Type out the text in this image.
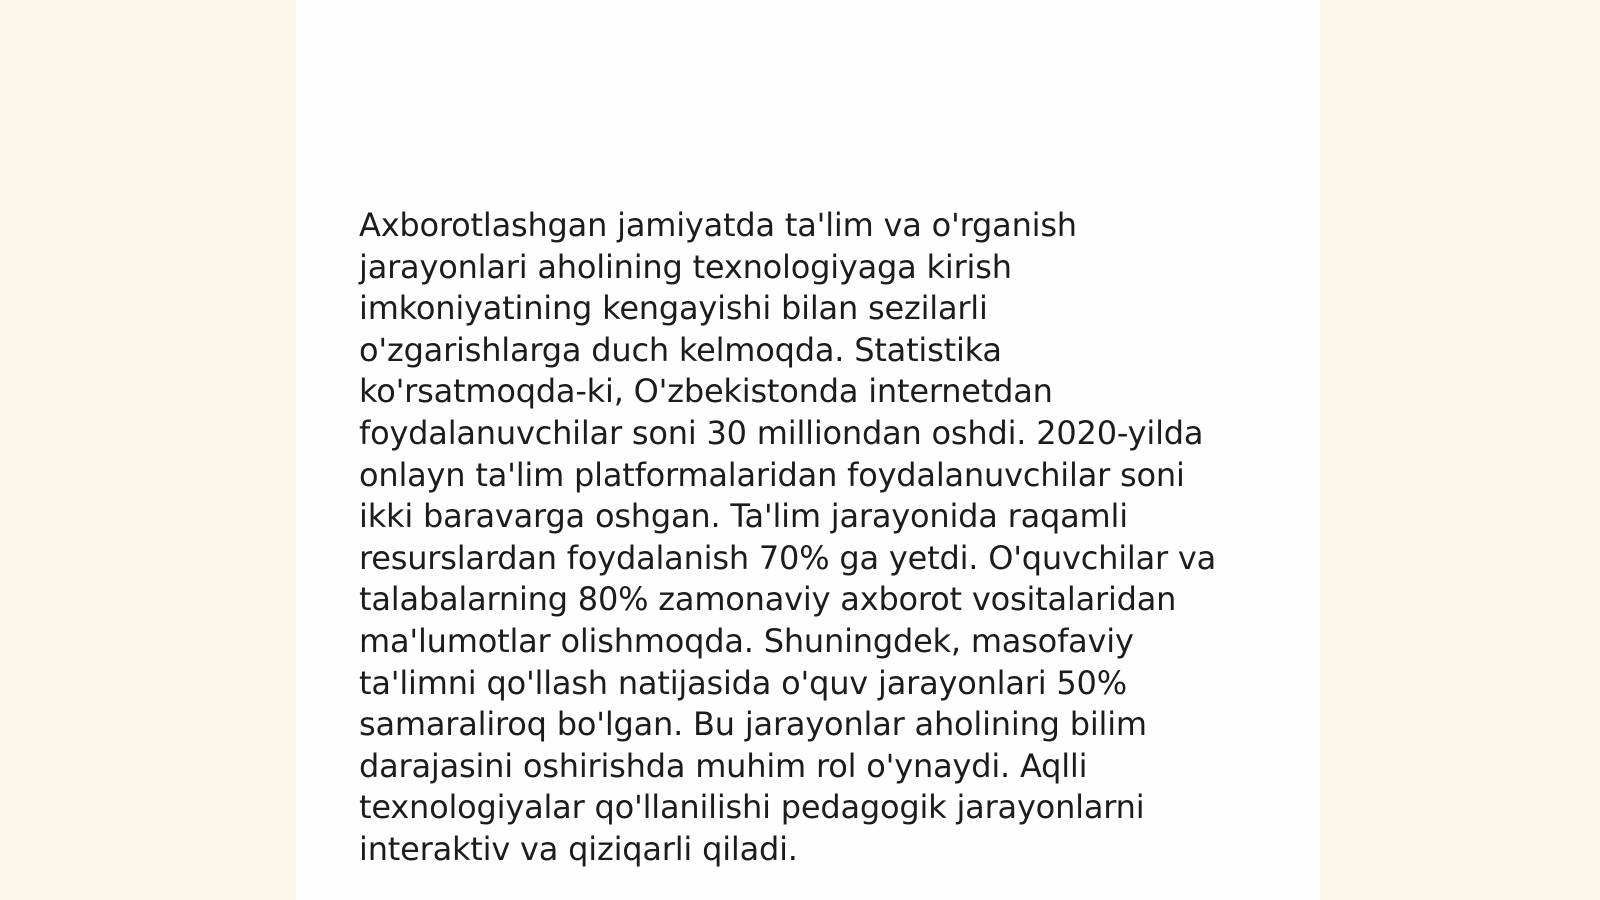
Axborotlashgan jamiyatda ta'lim va o'rganish
jarayonlari aholining texnologiyaga kirish
imkoniyatining kengayishi bilan sezilarli
o'zgarishlarga duch kelmoqda. Statistika
ko'rsatmoqda-ki, O'zbekistonda internetdan
foydalanuvchilar soni 30 milliondan oshdi. 2020-yilda
onlayn ta'lim platformalaridan foydalanuvchilar soni
ikki baravarga oshgan. Ta'lim jarayonida raqamli
resurslardan foydalanish 70% ga yetdi. O'quvchilar va
talabalarning 80% zamonaviy axborot vositalaridan
ma'lumotlar olishmoqda. Shuningdek, masofaviy
ta'limni qo'llash natijasida o'quv jarayonlari 50%
samaraliroq bo'lgan. Bu jarayonlar aholining bilim
darajasini oshirishda muhim rol o'ynaydi. Aqlli
texnologiyalar qo'llanilishi pedagogik jarayonlarni
interaktiv va qiziqarli qiladi.
